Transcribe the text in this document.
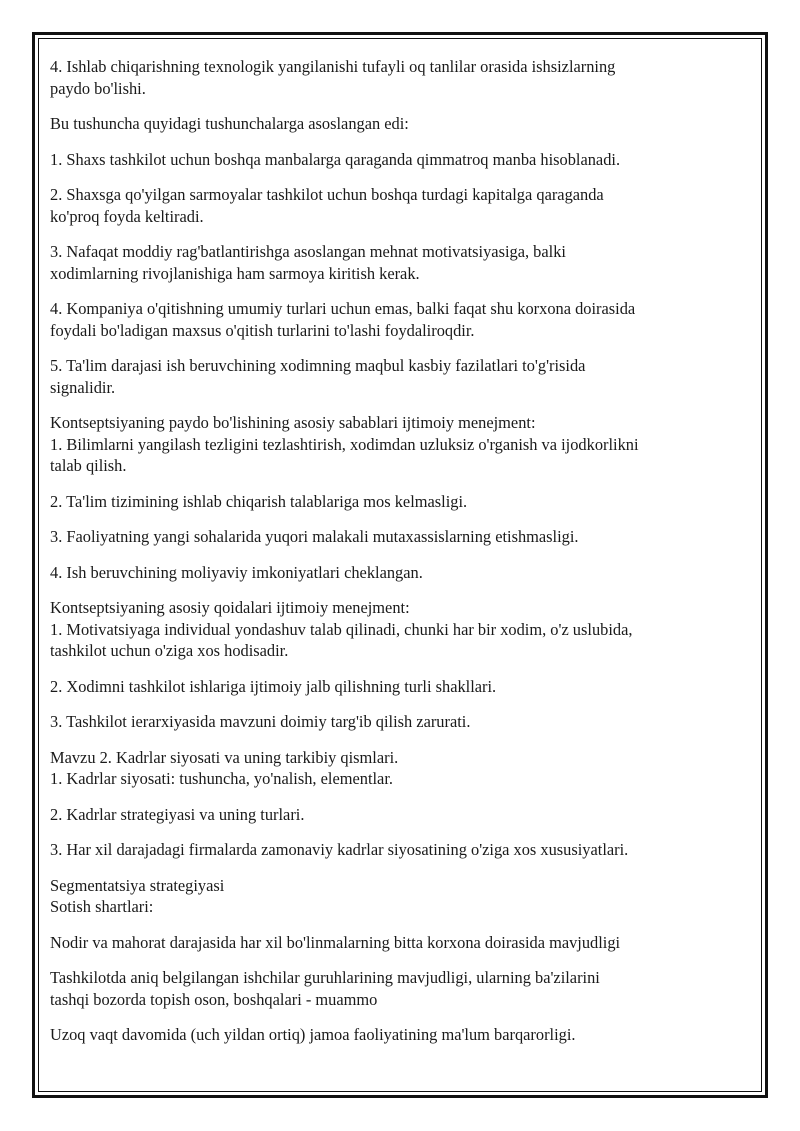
4. Ishlab chiqarishning texnologik yangilanishi tufayli oq tanlilar orasida ishsizlarning
paydo bo'lishi.

Bu tushuncha quyidagi tushunchalarga asoslangan edi:

1. Shaxs tashkilot uchun boshqa manbalarga qaraganda qimmatroq manba hisoblanadi.

2. Shaxsga qo'yilgan sarmoyalar tashkilot uchun boshqa turdagi kapitalga qaraganda
ko'proq foyda keltiradi.

3. Nafaqat moddiy rag'batlantirishga asoslangan mehnat motivatsiyasiga, balki
xodimlarning rivojlanishiga ham sarmoya kiritish kerak.

4. Kompaniya o'qitishning umumiy turlari uchun emas, balki faqat shu korxona doirasida
foydali bo'ladigan maxsus o'qitish turlarini to'lashi foydaliroqdir.

5. Ta'lim darajasi ish beruvchining xodimning maqbul kasbiy fazilatlari to'g'risida
signalidir.

Kontseptsiyaning paydo bo'lishining asosiy sabablari ijtimoiy menejment:
1. Bilimlarni yangilash tezligini tezlashtirish, xodimdan uzluksiz o'rganish va ijodkorlikni
talab qilish.

2. Ta'lim tizimining ishlab chiqarish talablariga mos kelmasligi.

3. Faoliyatning yangi sohalarida yuqori malakali mutaxassislarning etishmasligi.

4. Ish beruvchining moliyaviy imkoniyatlari cheklangan.

Kontseptsiyaning asosiy qoidalari ijtimoiy menejment:
1. Motivatsiyaga individual yondashuv talab qilinadi, chunki har bir xodim, o'z uslubida,
tashkilot uchun o'ziga xos hodisadir.

2. Xodimni tashkilot ishlariga ijtimoiy jalb qilishning turli shakllari.

3. Tashkilot ierarxiyasida mavzuni doimiy targ'ib qilish zarurati.

Mavzu 2. Kadrlar siyosati va uning tarkibiy qismlari.
1. Kadrlar siyosati: tushuncha, yo'nalish, elementlar.

2. Kadrlar strategiyasi va uning turlari.

3. Har xil darajadagi firmalarda zamonaviy kadrlar siyosatining o'ziga xos xususiyatlari.

Segmentatsiya strategiyasi
Sotish shartlari:

Nodir va mahorat darajasida har xil bo'linmalarning bitta korxona doirasida mavjudligi

Tashkilotda aniq belgilangan ishchilar guruhlarining mavjudligi, ularning ba'zilarini
tashqi bozorda topish oson, boshqalari - muammo

Uzoq vaqt davomida (uch yildan ortiq) jamoa faoliyatining ma'lum barqarorligi.
